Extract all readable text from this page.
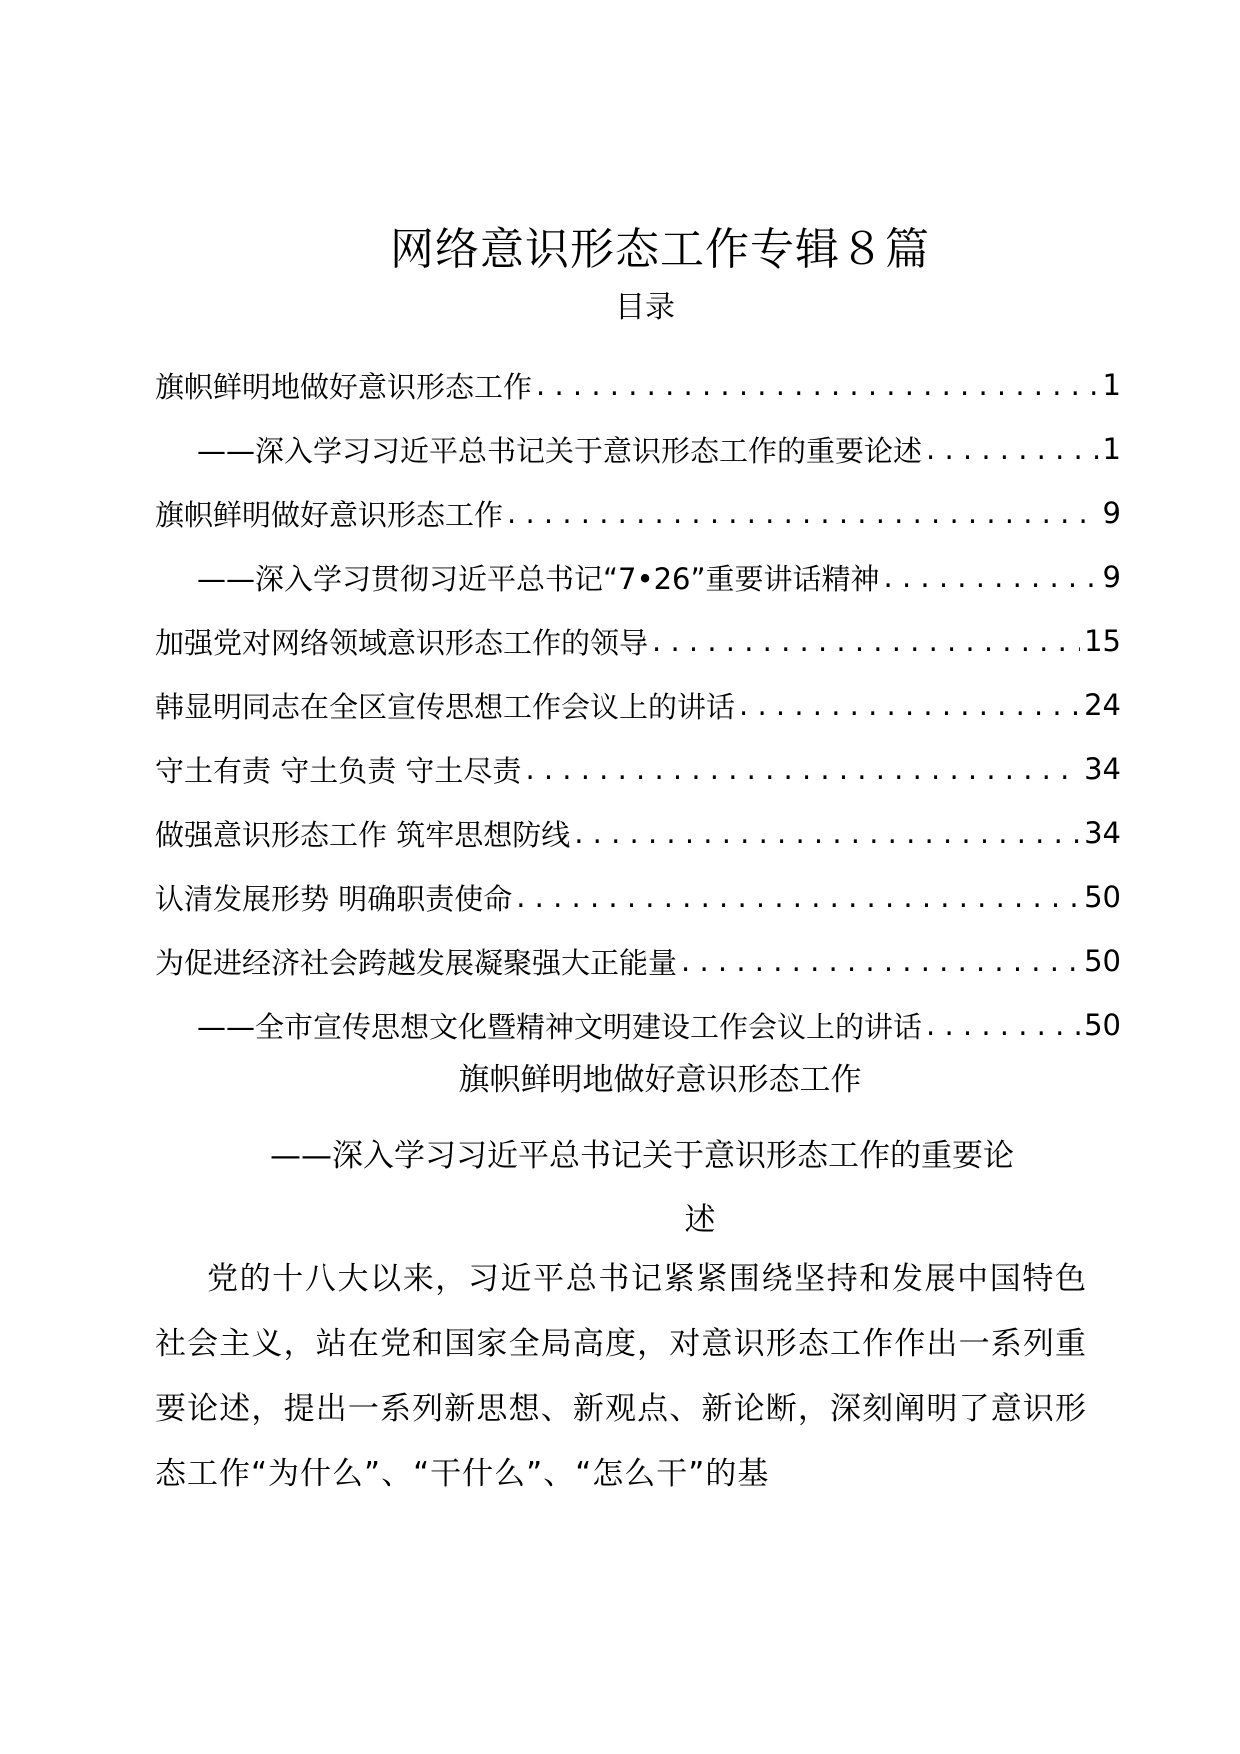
网络意识形态工作专辑８篇
目录
旗帜鲜明地做好意识形态工作 . . .	1
——深入学习习近平总书记关于意识形态工作的重要论述 . . .	1
旗帜鲜明做好意识形态工作 . . .	9
——深入学习贯彻习近平总书记“7•26”重要讲话精神 . . .	9
加强党对网络领域意识形态工作的领导 . . .	15
韩显明同志在全区宣传思想工作会议上的讲话 . . .	24
守土有责 守土负责 守土尽责 . . .	34
做强意识形态工作 筑牢思想防线 . . .	34
认清发展形势 明确职责使命 . . .	50
为促进经济社会跨越发展凝聚强大正能量 . . .	50
——全市宣传思想文化暨精神文明建设工作会议上的讲话 . . .	50
旗帜鲜明地做好意识形态工作
——深入学习习近平总书记关于意识形态工作的重要论
述
党的十八大以来，习近平总书记紧紧围绕坚持和发展中国特色社会主义，站在党和国家全局高度，对意识形态工作作出一系列重要论述，提出一系列新思想、新观点、新论断，深刻阐明了意识形态工作“为什么”、“干什么”、“怎么干”的基
